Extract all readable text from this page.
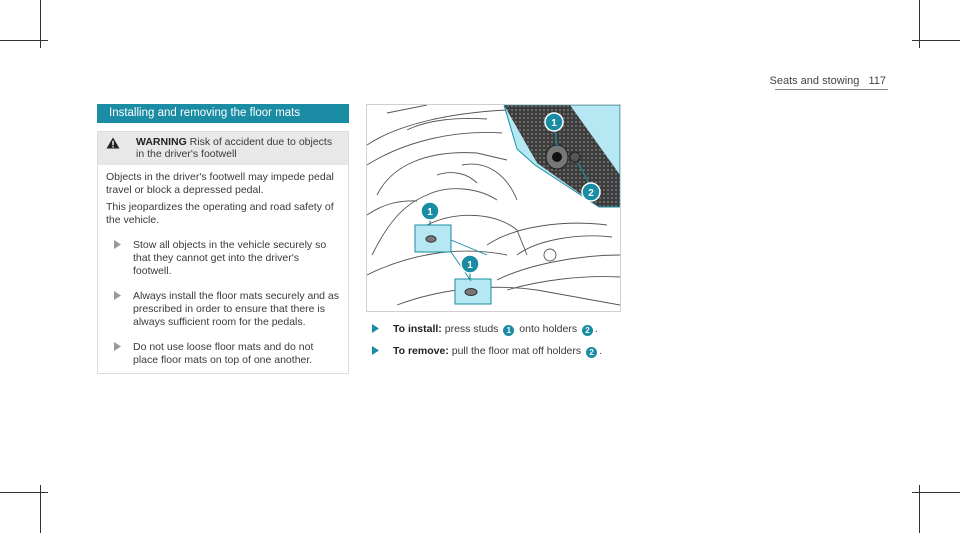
Seats and stowing 117
Installing and removing the floor mats
WARNING Risk of accident due to objects in the driver's footwell

Objects in the driver's footwell may impede pedal travel or block a depressed pedal.

This jeopardizes the operating and road safety of the vehicle.

Stow all objects in the vehicle securely so that they cannot get into the driver's footwell.
Always install the floor mats securely and as prescribed in order to ensure that there is always sufficient room for the pedals.
Do not use loose floor mats and do not place floor mats on top of one another.
1
2
1
1
To install: press studs 1 onto holders 2 .
To remove: pull the floor mat off holders 2 .
